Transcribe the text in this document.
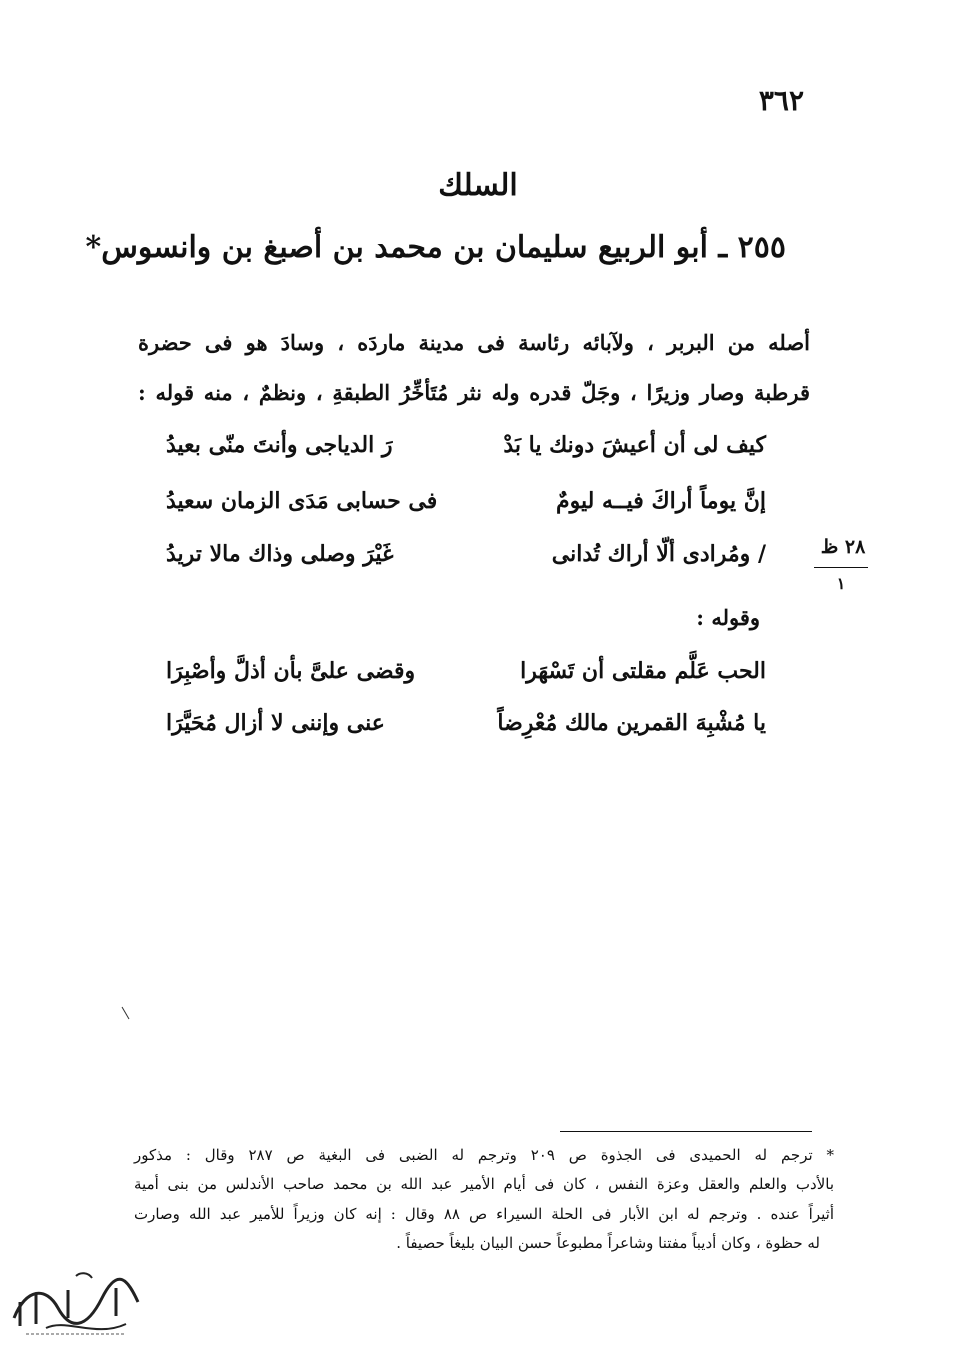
٣٦٢
السلك
٢٥٥ ـ أبو الربيع سليمان بن محمد بن أصبغ بن وانسوس*
أصله من البربر ، ولآبائه رئاسة فى مدينة ماردَه ، وسادَ هو فى حضرة
قرطبة وصار وزيرًا ، وجَلّ قدره وله نثر مُتَأخِّرُ الطبقةِ ، ونظمٌ ، منه قوله :
كيف لى أن أعيشَ دونك يا بَدْ
رَ الدياجى وأنتَ منّى بعيدُ
إنَّ يوماً أراكَ فيــه ليومٌ
فى حسابى مَدَى الزمان سعيدُ
/ ومُرادى ألّا أراك تُدانى
غَيْرَ وصلى وذاك مالا تريدُ	٢٨ ظ
١
وقوله :
الحب عَلَّم مقلتى أن تَسْهَرا
وقضى علىَّ بأن أذلَّ وأصْبِرَا
يا مُشْبِهَ القمرين مالك مُعْرِضاً
عنى وإننى لا أزال مُحَيَّرَا
* ترجم له الحميدى فى الجذوة ص ٢٠٩ وترجم له الضبى فى البغية ص ٢٨٧ وقال : مذكور
بالأدب والعلم والعقل وعزة النفس ، كان فى أيام الأمير عبد الله بن محمد صاحب الأندلس من بنى أمية
أثيراً عنده . وترجم له ابن الأبار فى الحلة السيراء ص ٨٨ وقال : إنه كان وزيراً للأمير عبد الله وصارت
له حظوة ، وكان أديباً مفتنا وشاعراً مطبوعاً حسن البيان بليغاً حصيفاً .
